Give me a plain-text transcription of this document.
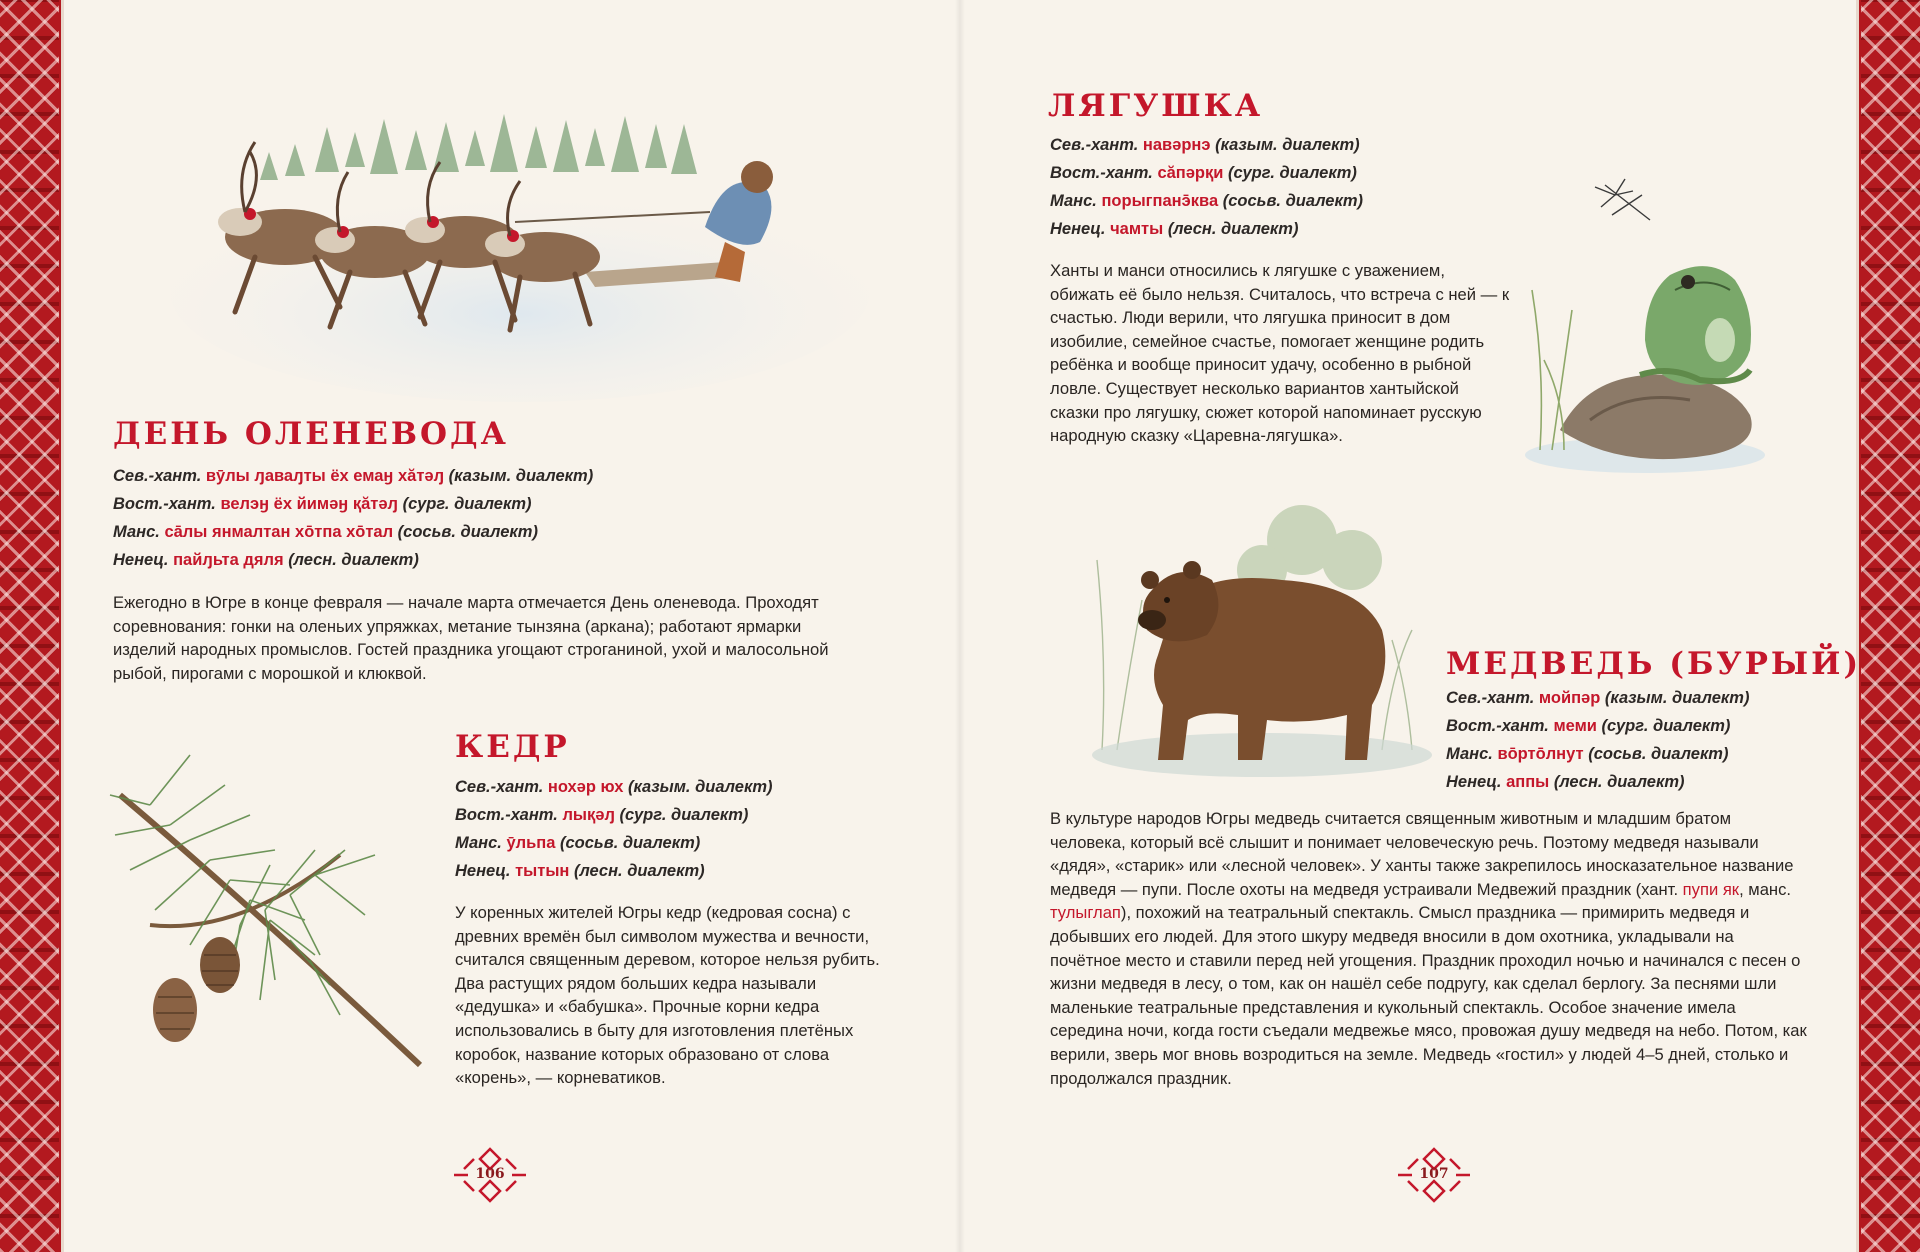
ДЕНЬ ОЛЕНЕВОДА
Сев.-хант. вӯлы ԓаваԓты ёх емаӈ хӑтәԓ (казым. диалект)
Вост.-хант. велэӈ ёх йимәӈ қӑтәԓ (сург. диалект)
Манс. сāлы янмалтан хōтпа хōтал (сосьв. диалект)
Ненец. пайԓьта дяля (лесн. диалект)

Ежегодно в Югре в конце февраля — начале марта отмечается День оленевода. Проходят соревнования: гонки на оленьих упряжках, метание тынзяна (аркана); работают ярмарки изделий народных промыслов. Гостей праздника угощают строганиной, ухой и малосольной рыбой, пирогами с морошкой и клюквой.

КЕДР
Сев.-хант. нохәр юх (казым. диалект)
Вост.-хант. лықәԓ (сург. диалект)
Манс. ӯльпа (сосьв. диалект)
Ненец. тытын (лесн. диалект)

У коренных жителей Югры кедр (кедровая сосна) с древних времён был символом мужества и вечности, считался священным деревом, которое нельзя рубить. Два растущих рядом больших кедра называли «дедушка» и «бабушка». Прочные корни кедра использовались в быту для изготовления плетёных коробок, название которых образовано от слова «корень», — корневатиков.

106
ЛЯГУШКА
Сев.-хант. навәрнэ (казым. диалект)
Вост.-хант. сӑпәрқи (сург. диалект)
Манс. порыгпанэ̄ква (сосьв. диалект)
Ненец. чамты (лесн. диалект)

Ханты и манси относились к лягушке с уважением, обижать её было нельзя. Считалось, что встреча с ней — к счастью. Люди верили, что лягушка приносит в дом изобилие, семейное счастье, помогает женщине родить ребёнка и вообще приносит удачу, особенно в рыбной ловле. Существует несколько вариантов хантыйской сказки про лягушку, сюжет которой напоминает русскую народную сказку «Царевна-лягушка».

МЕДВЕДЬ (БУРЫЙ)
Сев.-хант. мойпәр (казым. диалект)
Вост.-хант. меми (сург. диалект)
Манс. вōртōлнут (сосьв. диалект)
Ненец. аппы (лесн. диалект)

В культуре народов Югры медведь считается священным животным и младшим братом человека, который всё слышит и понимает человеческую речь. Поэтому медведя называли «дядя», «старик» или «лесной человек». У ханты также закрепилось иносказательное название медведя — пупи. После охоты на медведя устраивали Медвежий праздник (хант. пупи як, манс. тулыглап), похожий на театральный спектакль. Смысл праздника — примирить медведя и добывших его людей. Для этого шкуру медведя вносили в дом охотника, укладывали на почётное место и ставили перед ней угощения. Праздник проходил ночью и начинался с песен о жизни медведя в лесу, о том, как он нашёл себе подругу, как сделал берлогу. За песнями шли маленькие театральные представления и кукольный спектакль. Особое значение имела середина ночи, когда гости съедали медвежье мясо, провожая душу медведя на небо. Потом, как верили, зверь мог вновь возродиться на земле. Медведь «гостил» у людей 4–5 дней, столько и продолжался праздник.

107
